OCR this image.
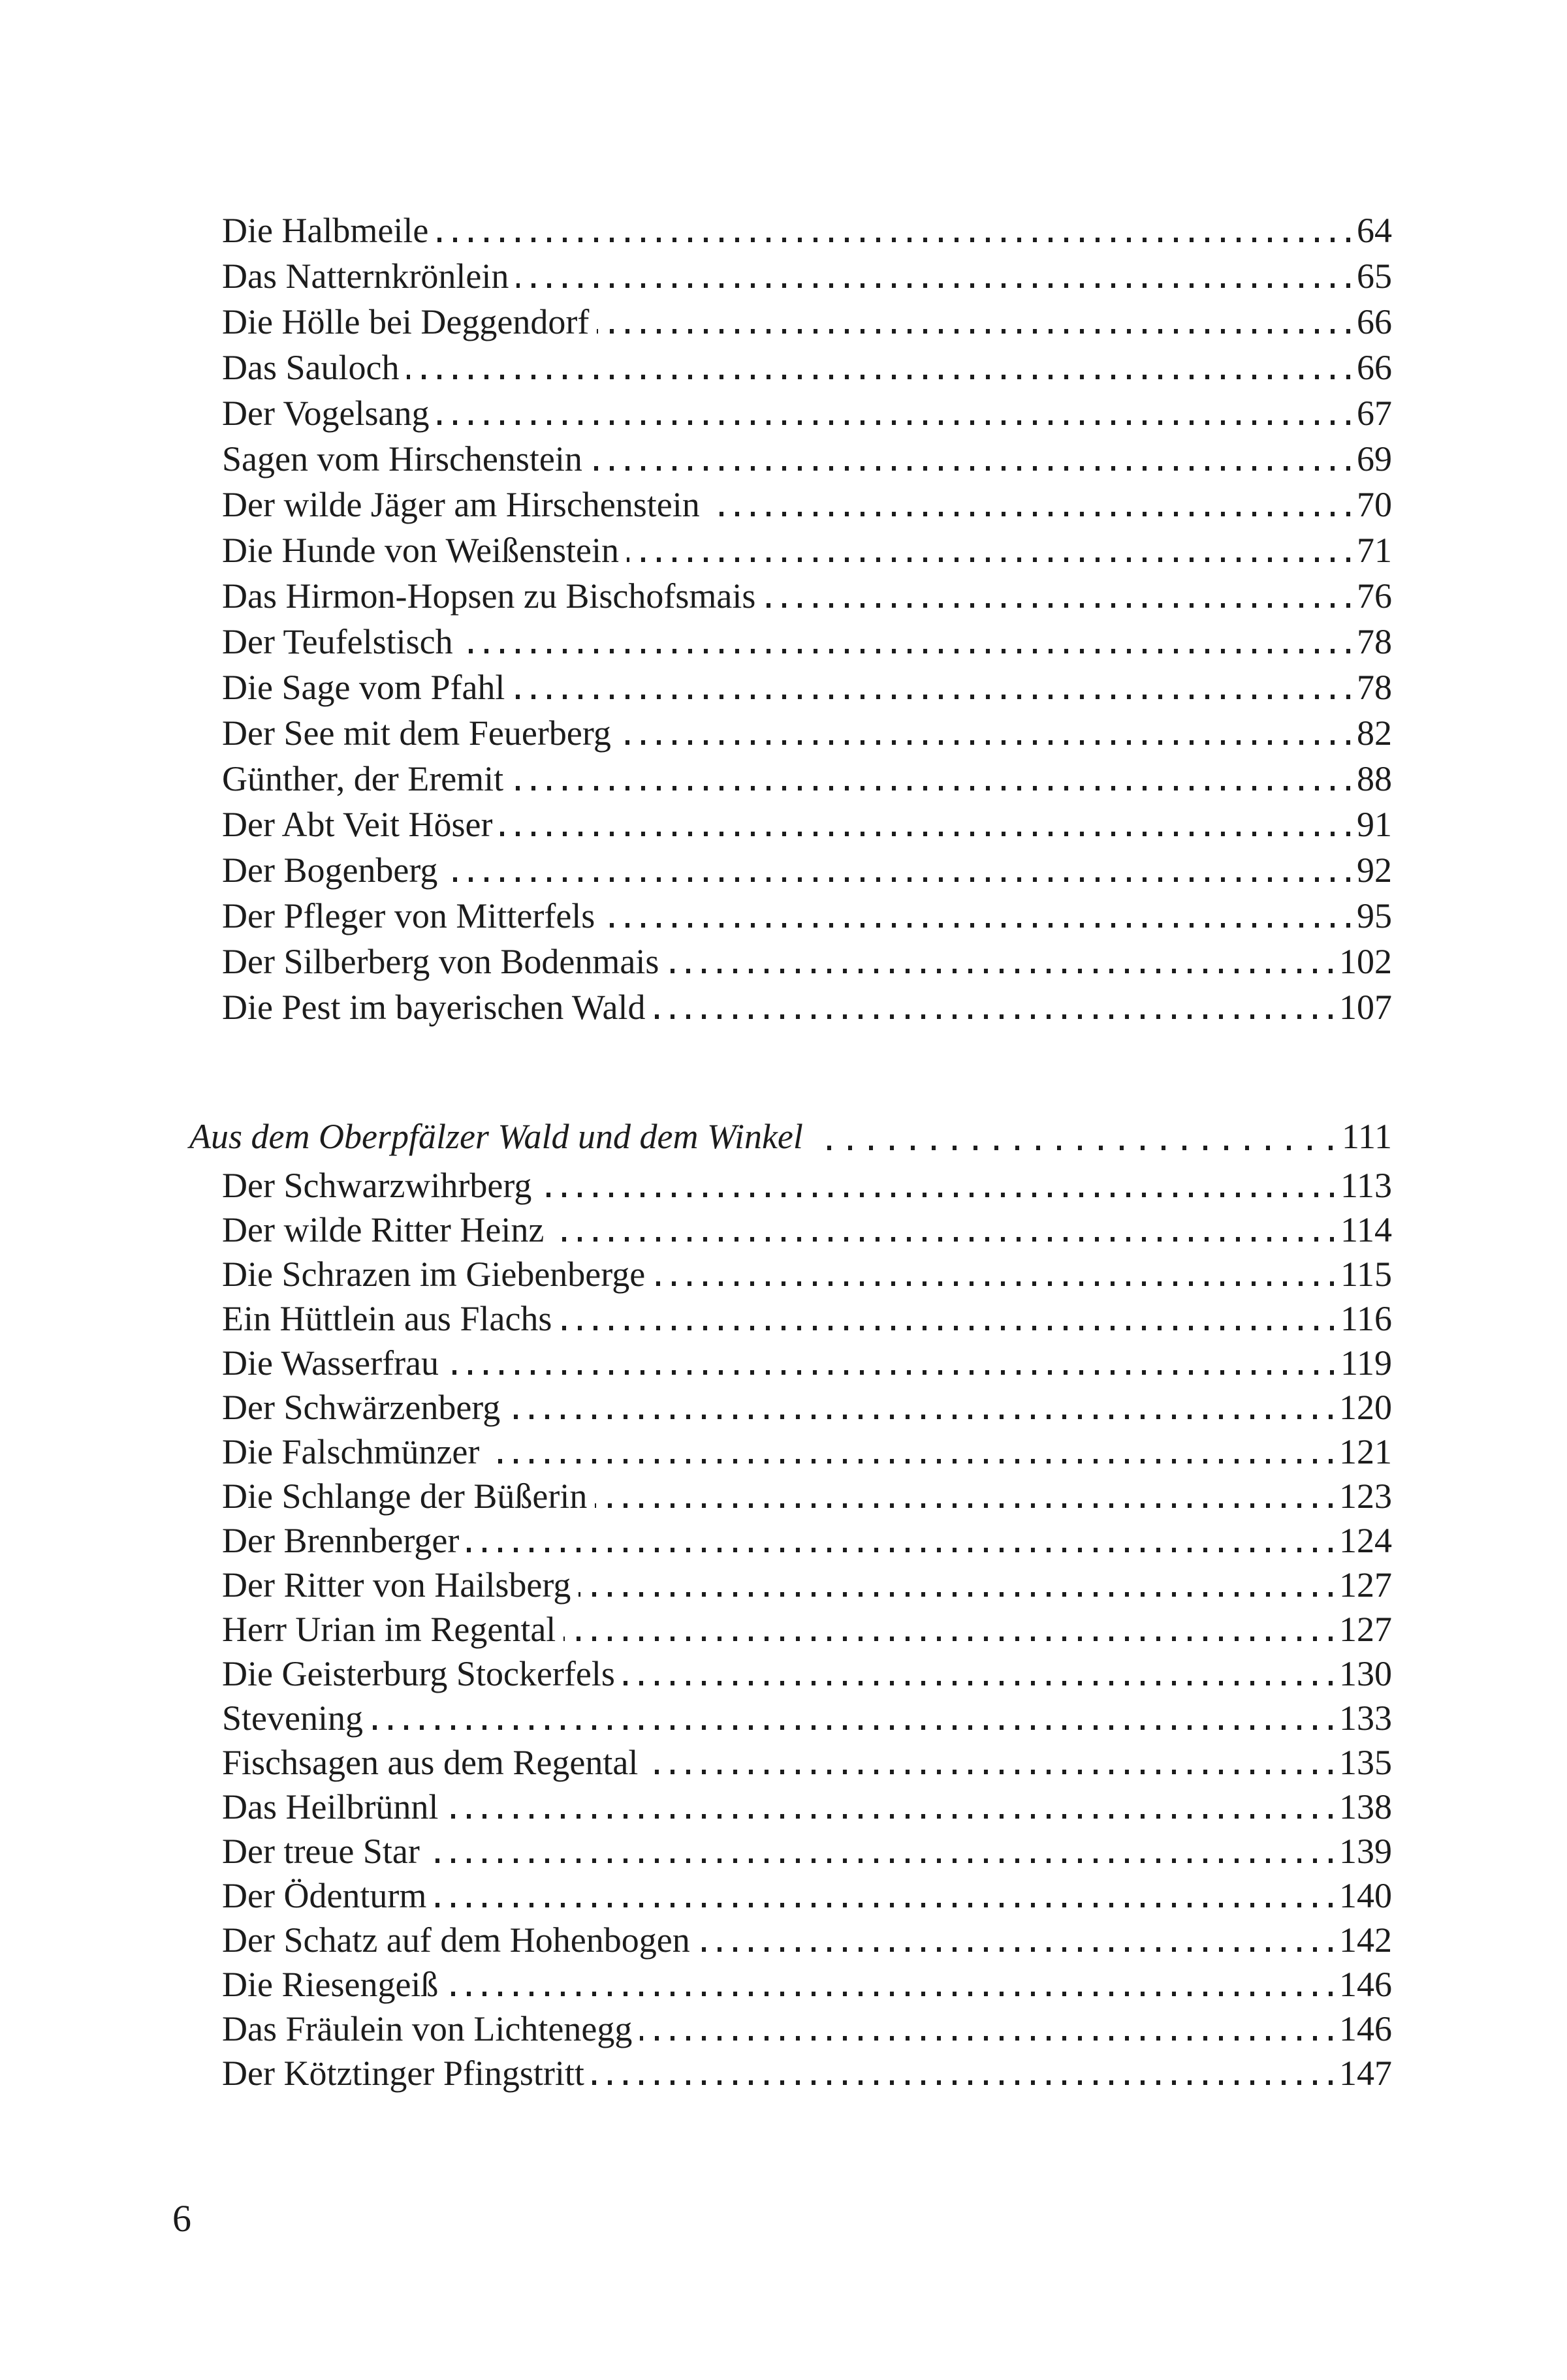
Die Halbmeile	64
Das Natternkrönlein	65
Die Hölle bei Deggendorf	66
Das Sauloch	66
Der Vogelsang	67
Sagen vom Hirschenstein	69
Der wilde Jäger am Hirschenstein	70
Die Hunde von Weißenstein	71
Das Hirmon-Hopsen zu Bischofsmais	76
Der Teufelstisch	78
Die Sage vom Pfahl	78
Der See mit dem Feuerberg	82
Günther, der Eremit	88
Der Abt Veit Höser	91
Der Bogenberg	92
Der Pfleger von Mitterfels	95
Der Silberberg von Bodenmais	102
Die Pest im bayerischen Wald	107
Aus dem Oberpfälzer Wald und dem Winkel	111
Der Schwarzwihrberg	113
Der wilde Ritter Heinz	114
Die Schrazen im Giebenberge	115
Ein Hüttlein aus Flachs	116
Die Wasserfrau	119
Der Schwärzenberg	120
Die Falschmünzer	121
Die Schlange der Büßerin	123
Der Brennberger	124
Der Ritter von Hailsberg	127
Herr Urian im Regental	127
Die Geisterburg Stockerfels	130
Stevening	133
Fischsagen aus dem Regental	135
Das Heilbrünnl	138
Der treue Star	139
Der Ödenturm	140
Der Schatz auf dem Hohenbogen	142
Die Riesengeiß	146
Das Fräulein von Lichtenegg	146
Der Kötztinger Pfingstritt	147
6
